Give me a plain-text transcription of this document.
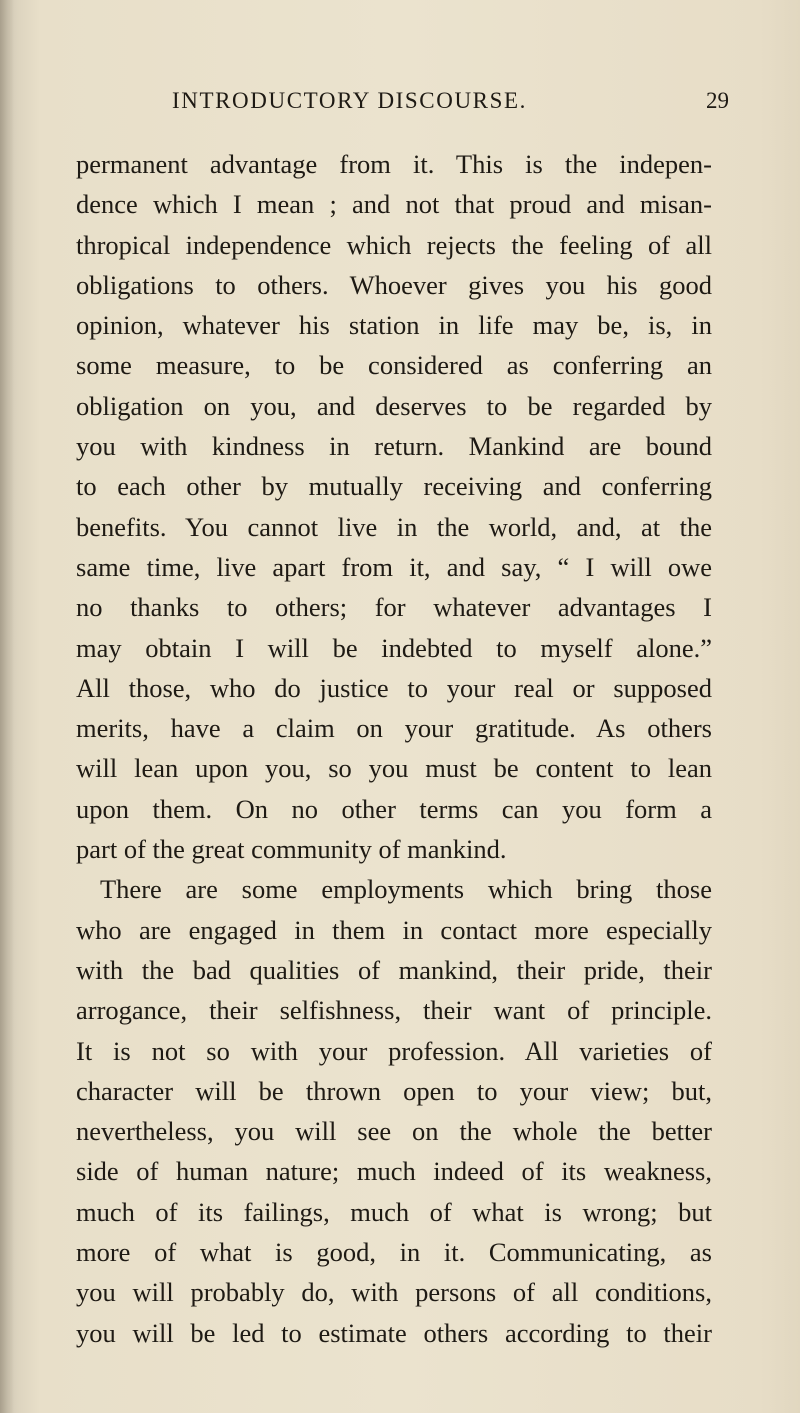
INTRODUCTORY DISCOURSE.	29
permanent advantage from it. This is the indepen-
dence which I mean ; and not that proud and misan-
thropical independence which rejects the feeling of all
obligations to others. Whoever gives you his good
opinion, whatever his station in life may be, is, in
some measure, to be considered as conferring an
obligation on you, and deserves to be regarded by
you with kindness in return. Mankind are bound
to each other by mutually receiving and conferring
benefits. You cannot live in the world, and, at the
same time, live apart from it, and say, “ I will owe
no thanks to others; for whatever advantages I
may obtain I will be indebted to myself alone.”
All those, who do justice to your real or supposed
merits, have a claim on your gratitude. As others
will lean upon you, so you must be content to lean
upon them. On no other terms can you form a
part of the great community of mankind.
There are some employments which bring those
who are engaged in them in contact more especially
with the bad qualities of mankind, their pride, their
arrogance, their selfishness, their want of principle.
It is not so with your profession. All varieties of
character will be thrown open to your view; but,
nevertheless, you will see on the whole the better
side of human nature; much indeed of its weakness,
much of its failings, much of what is wrong; but
more of what is good, in it. Communicating, as
you will probably do, with persons of all conditions,
you will be led to estimate others according to their
